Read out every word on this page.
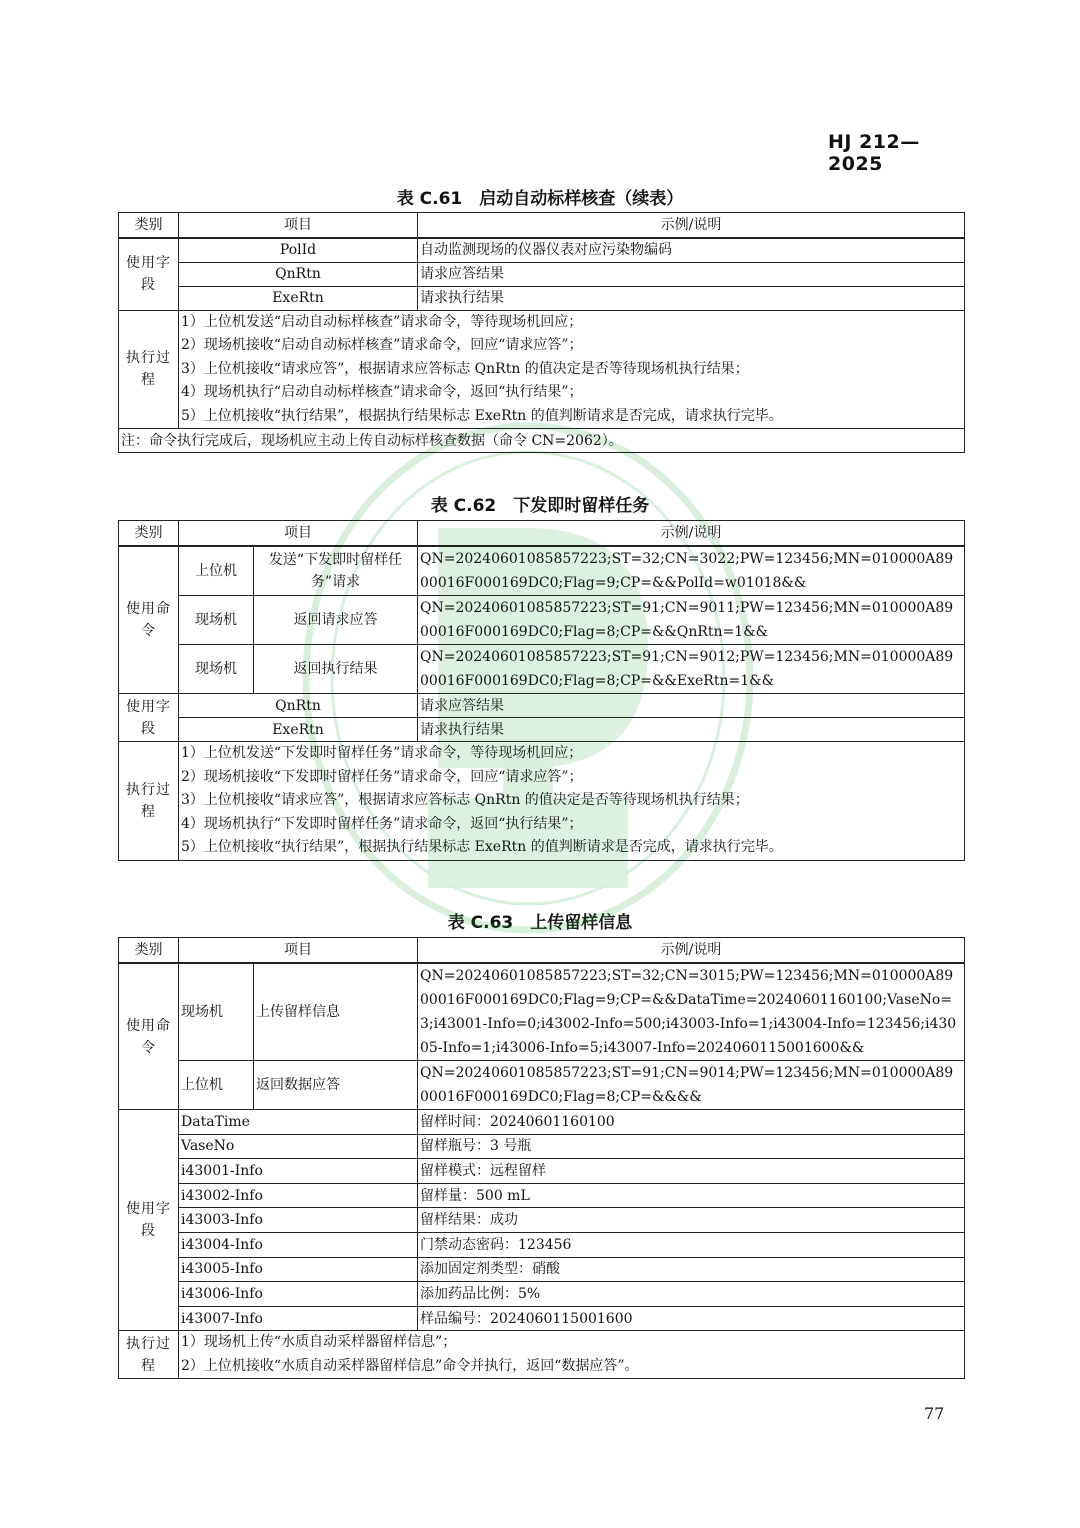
HJ 212—2025
表 C.61　启动自动标样核查（续表）
类别	项目	示例/说明
使用字段	PolId	自动监测现场的仪器仪表对应污染物编码
	QnRtn	请求应答结果
	ExeRtn	请求执行结果
执行过程	1）上位机发送“启动自动标样核查”请求命令，等待现场机回应；
2）现场机接收“启动自动标样核查”请求命令，回应“请求应答”；
3）上位机接收“请求应答”，根据请求应答标志 QnRtn 的值决定是否等待现场机执行结果；
4）现场机执行“启动自动标样核查”请求命令，返回“执行结果”；
5）上位机接收“执行结果”，根据执行结果标志 ExeRtn 的值判断请求是否完成，请求执行完毕。	

注：命令执行完成后，现场机应主动上传自动标样核查数据（命令 CN=2062）。		
表 C.62　下发即时留样任务
类别	项目		示例/说明
使用命令	上位机	发送“下发即时留样任务”请求	QN=20240601085857223;ST=32;CN=3022;PW=123456;MN=010000A8900016F000169DC0;Flag=9;CP=&&PolId=w01018&&
	现场机	返回请求应答	QN=20240601085857223;ST=91;CN=9011;PW=123456;MN=010000A8900016F000169DC0;Flag=8;CP=&&QnRtn=1&&
	现场机	返回执行结果	QN=20240601085857223;ST=91;CN=9012;PW=123456;MN=010000A8900016F000169DC0;Flag=8;CP=&&ExeRtn=1&&
使用字段	QnRtn		请求应答结果
	ExeRtn		请求执行结果
执行过程	1）上位机发送“下发即时留样任务”请求命令，等待现场机回应；
2）现场机接收“下发即时留样任务”请求命令，回应“请求应答”；
3）上位机接收“请求应答”，根据请求应答标志 QnRtn 的值决定是否等待现场机执行结果；
4）现场机执行“下发即时留样任务”请求命令，返回“执行结果”；
5）上位机接收“执行结果”，根据执行结果标志 ExeRtn 的值判断请求是否完成，请求执行完毕。		
表 C.63　上传留样信息
类别	项目		示例/说明
使用命令	现场机	上传留样信息	QN=20240601085857223;ST=32;CN=3015;PW=123456;MN=010000A8900016F000169DC0;Flag=9;CP=&&DataTime=20240601160100;VaseNo=3;i43001-Info=0;i43002-Info=500;i43003-Info=1;i43004-Info=123456;i43005-Info=1;i43006-Info=5;i43007-Info=2024060115001600&&
	上位机	返回数据应答	QN=20240601085857223;ST=91;CN=9014;PW=123456;MN=010000A8900016F000169DC0;Flag=8;CP=&&&&
使用字段	DataTime		留样时间：20240601160100
	VaseNo		留样瓶号：3 号瓶
	i43001-Info		留样模式：远程留样
	i43002-Info		留样量：500 mL
	i43003-Info		留样结果：成功
	i43004-Info		门禁动态密码：123456
	i43005-Info		添加固定剂类型：硝酸
	i43006-Info		添加药品比例：5%
	i43007-Info		样品编号：2024060115001600
执行过程	1）现场机上传“水质自动采样器留样信息”；
2）上位机接收“水质自动采样器留样信息”命令并执行，返回“数据应答”。		
77
